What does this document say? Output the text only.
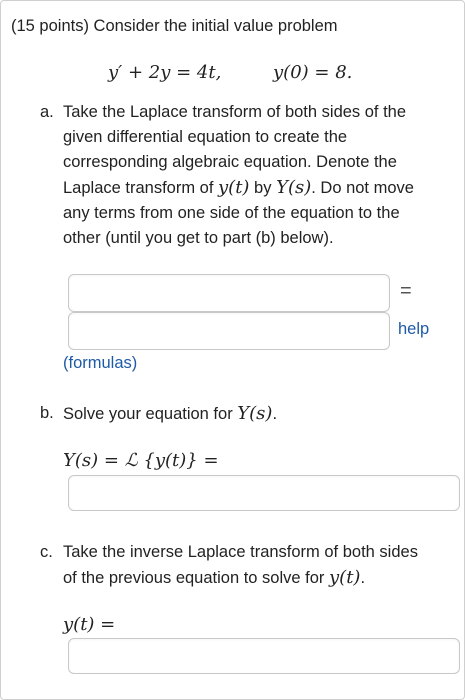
(15 points) Consider the initial value problem
y′ + 2y = 4t,	y(0) = 8.
a. Take the Laplace transform of both sides of the
given differential equation to create the
corresponding algebraic equation. Denote the
Laplace transform of y(t) by Y(s). Do not move
any terms from one side of the equation to the
other (until you get to part (b) below).
=
help
(formulas)
b. Solve your equation for Y(s).
Y(s) = ℒ {y(t)} =
c. Take the inverse Laplace transform of both sides
of the previous equation to solve for y(t).
y(t) =
